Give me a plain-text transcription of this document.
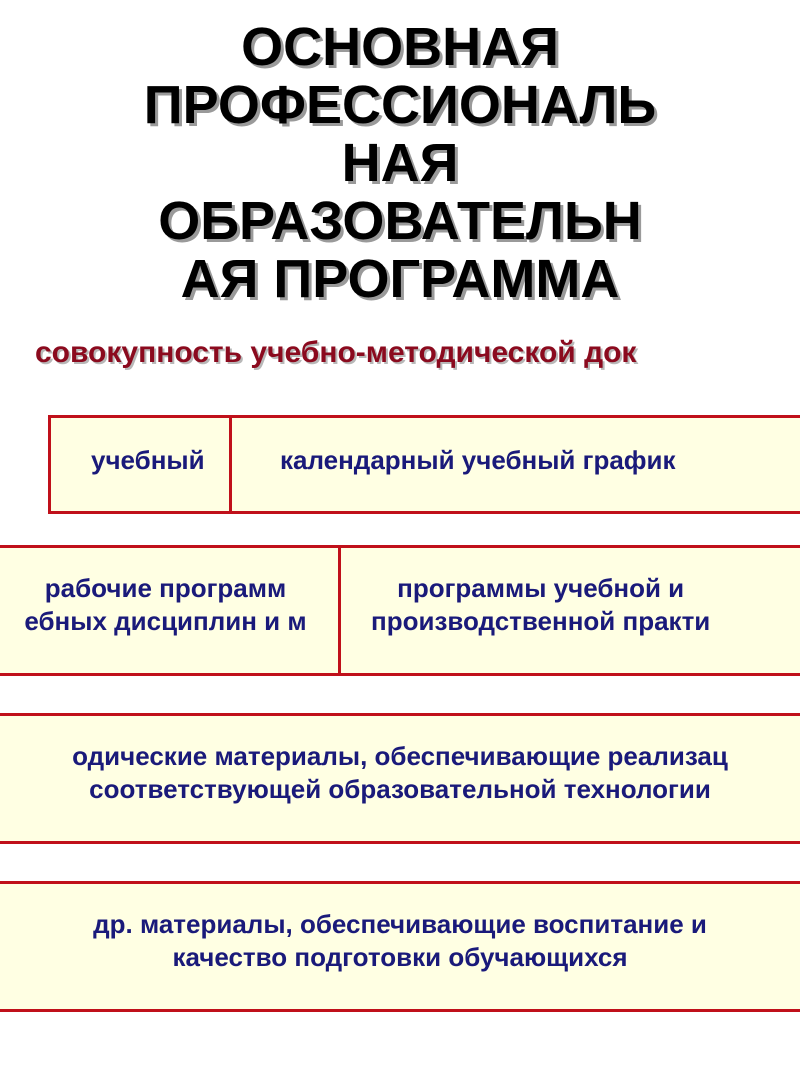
ОСНОВНАЯ
ПРОФЕССИОНАЛЬ
НАЯ
ОБРАЗОВАТЕЛЬН
АЯ ПРОГРАММА
совокупность учебно-методической док
учебный	календарный учебный график
рабочие программ
ебных дисциплин и м
программы учебной и
производственной практи
одические материалы, обеспечивающие реализац
соответствующей образовательной технологии
др. материалы, обеспечивающие воспитание и
качество подготовки обучающихся
